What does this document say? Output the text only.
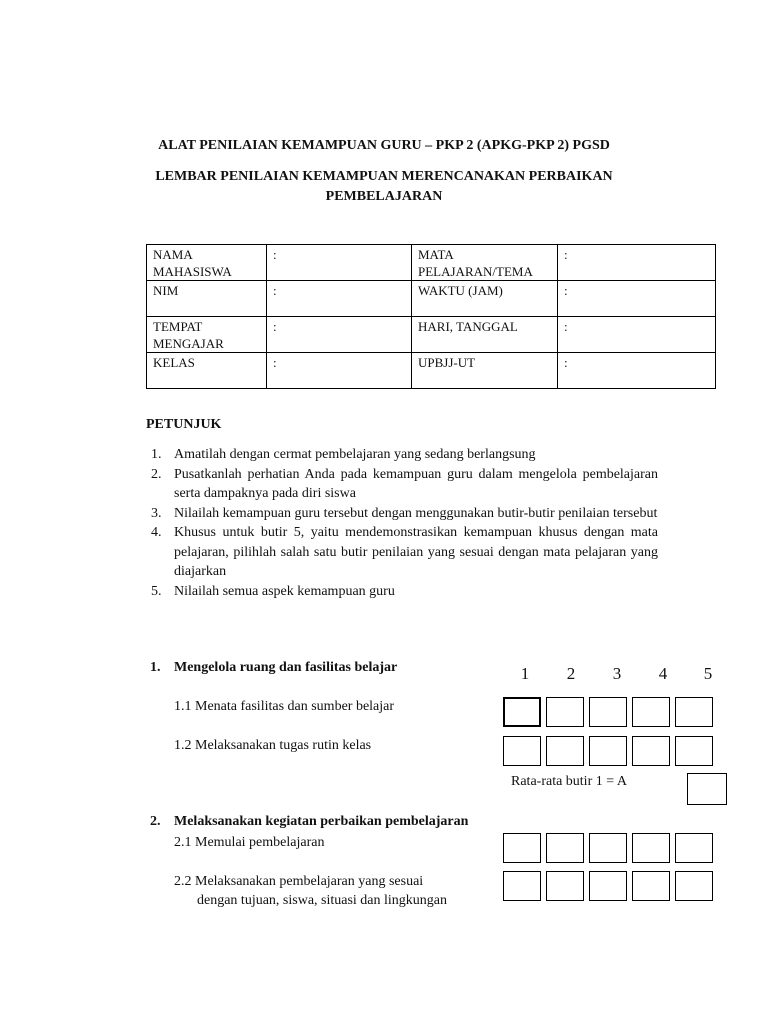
ALAT PENILAIAN KEMAMPUAN GURU – PKP 2 (APKG-PKP 2) PGSD
LEMBAR PENILAIAN KEMAMPUAN MERENCANAKAN PERBAIKAN
PEMBELAJARAN
NAMA MAHASISWA	:	MATA PELAJARAN/TEMA	:
NIM	:	WAKTU (JAM)	:
TEMPAT MENGAJAR	:	HARI, TANGGAL	:
KELAS	:	UPBJJ-UT	:
PETUNJUK
1. Amatilah dengan cermat pembelajaran yang sedang berlangsung
2. Pusatkanlah perhatian Anda pada kemampuan guru dalam mengelola pembelajaran serta dampaknya pada diri siswa
3. Nilailah kemampuan guru tersebut dengan menggunakan butir-butir penilaian tersebut
4. Khusus untuk butir 5, yaitu mendemonstrasikan kemampuan khusus dengan mata pelajaran, pilihlah salah satu butir penilaian yang sesuai dengan mata pelajaran yang diajarkan
5. Nilailah semua aspek kemampuan guru
1	2	3	4	5
1. Mengelola ruang dan fasilitas belajar
1.1 Menata fasilitas dan sumber belajar
1.2 Melaksanakan tugas rutin kelas
Rata-rata butir 1 = A
2. Melaksanakan kegiatan perbaikan pembelajaran
2.1 Memulai pembelajaran
2.2 Melaksanakan pembelajaran yang sesuai
dengan tujuan, siswa, situasi dan lingkungan
